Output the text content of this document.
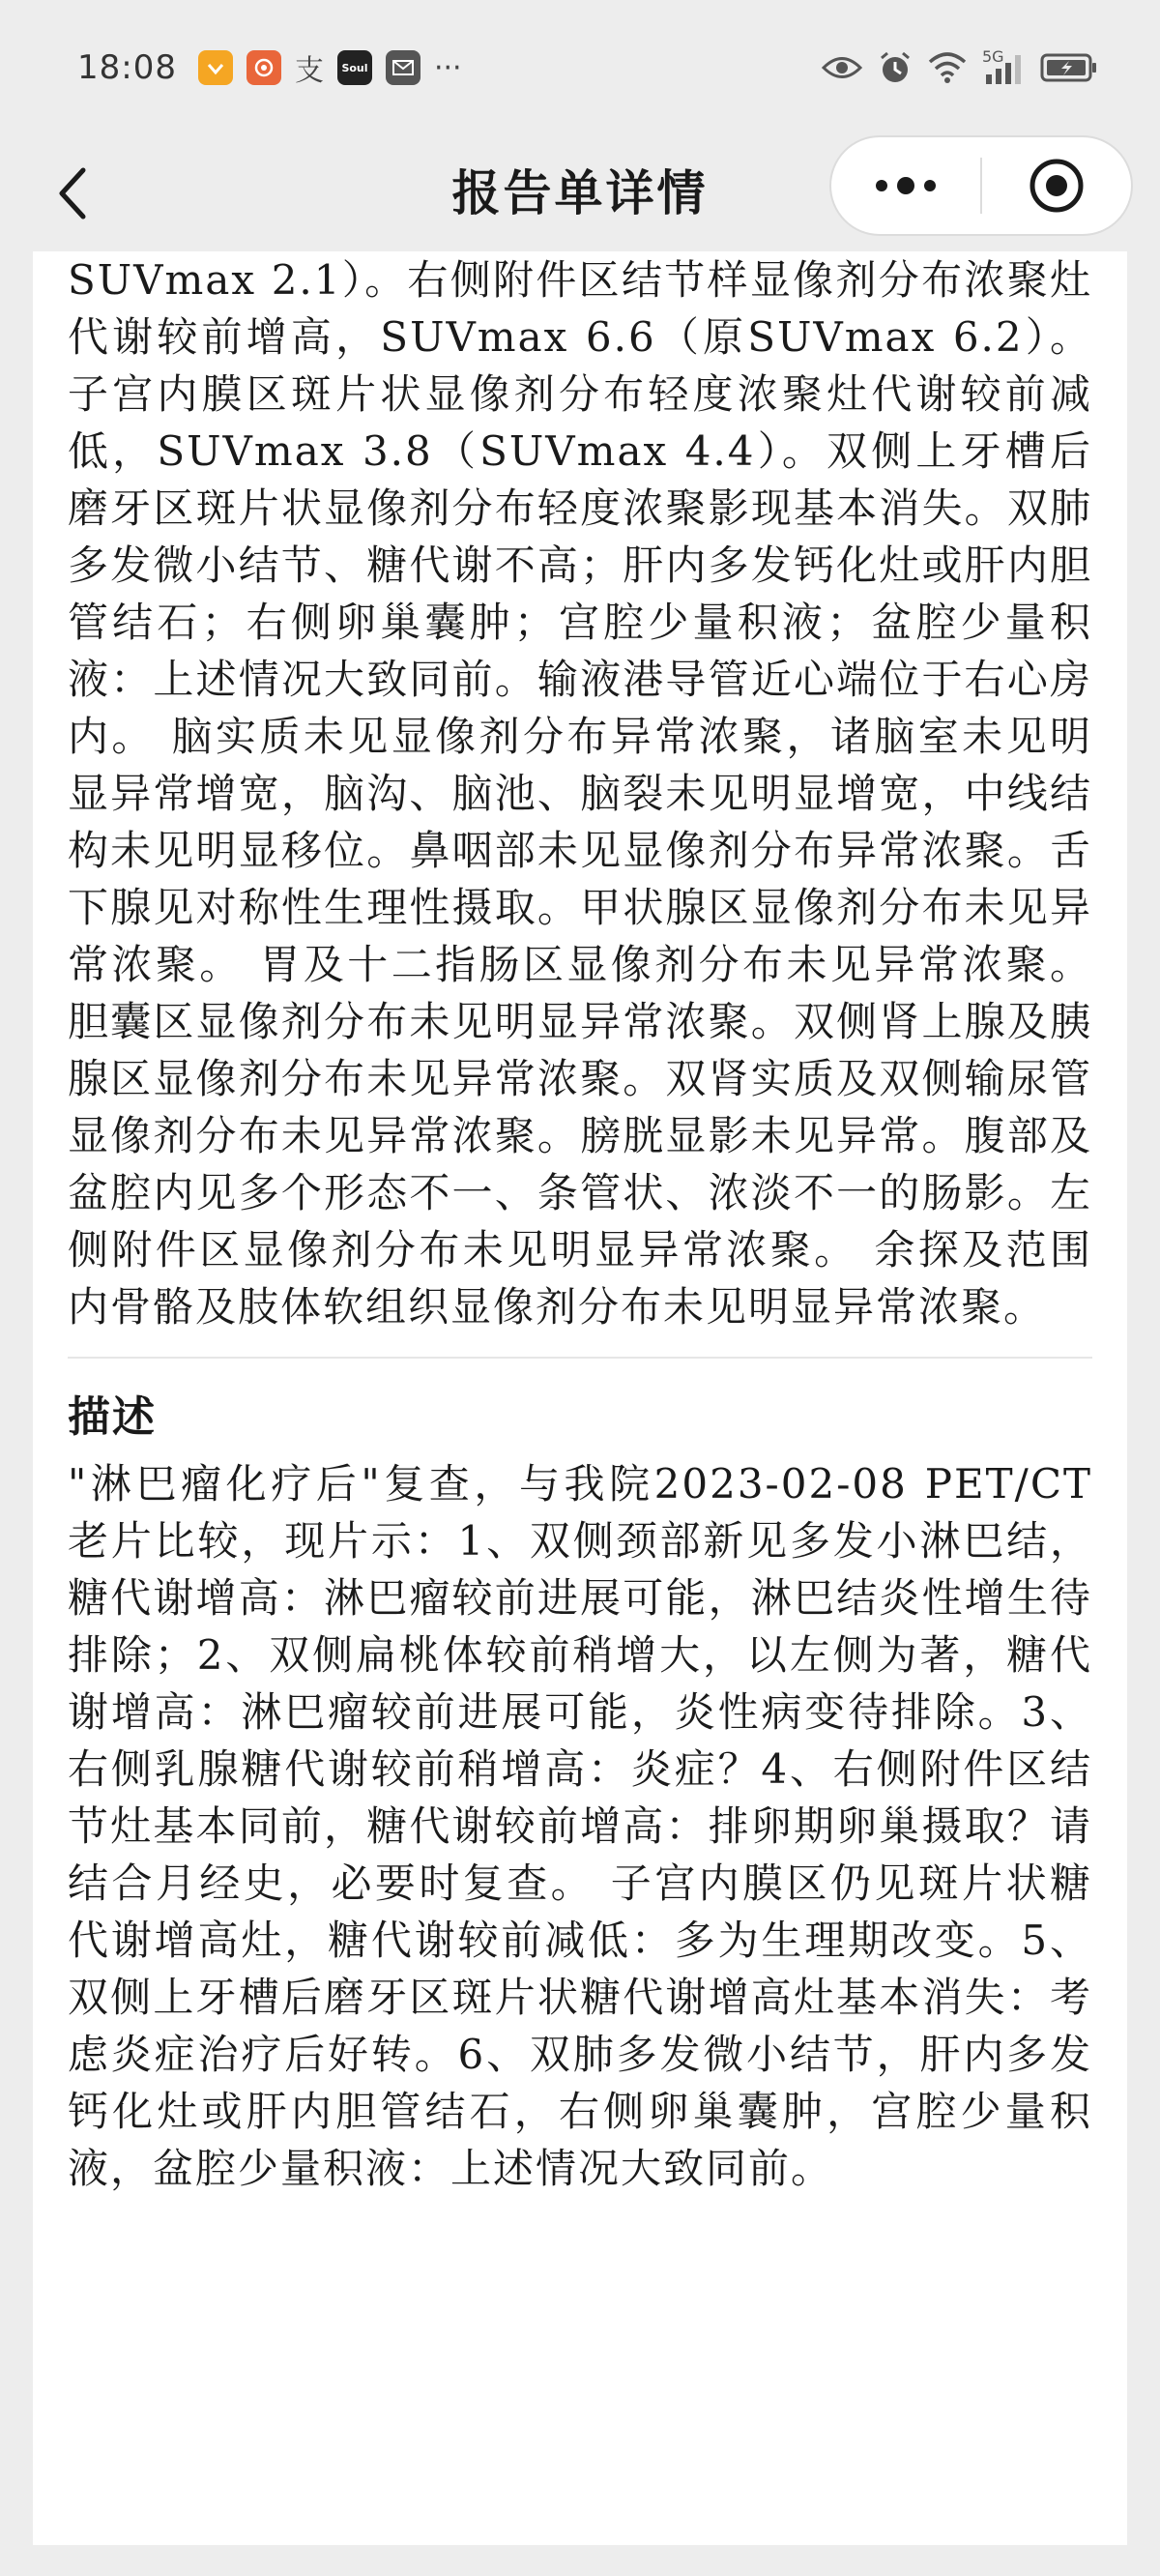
18:08	支	Soul ···	5G
报告单详情

SUVmax 2.1）。右侧附件区结节样显像剂分布浓聚灶代谢较前增高，SUVmax 6.6（原SUVmax 6.2）。子宫内膜区斑片状显像剂分布轻度浓聚灶代谢较前减低，SUVmax 3.8（SUVmax 4.4）。双侧上牙槽后磨牙区斑片状显像剂分布轻度浓聚影现基本消失。双肺多发微小结节、糖代谢不高；肝内多发钙化灶或肝内胆管结石；右侧卵巢囊肿；宫腔少量积液；盆腔少量积液：上述情况大致同前。输液港导管近心端位于右心房内。 脑实质未见显像剂分布异常浓聚，诸脑室未见明显异常增宽，脑沟、脑池、脑裂未见明显增宽，中线结构未见明显移位。鼻咽部未见显像剂分布异常浓聚。舌下腺见对称性生理性摄取。甲状腺区显像剂分布未见异常浓聚。 胃及十二指肠区显像剂分布未见异常浓聚。胆囊区显像剂分布未见明显异常浓聚。双侧肾上腺及胰腺区显像剂分布未见异常浓聚。双肾实质及双侧输尿管显像剂分布未见异常浓聚。膀胱显影未见异常。腹部及盆腔内见多个形态不一、条管状、浓淡不一的肠影。左侧附件区显像剂分布未见明显异常浓聚。 余探及范围内骨骼及肢体软组织显像剂分布未见明显异常浓聚。

描述

"淋巴瘤化疗后"复查，与我院2023-02-08 PET/CT老片比较，现片示：1、双侧颈部新见多发小淋巴结，糖代谢增高：淋巴瘤较前进展可能，淋巴结炎性增生待排除；2、双侧扁桃体较前稍增大，以左侧为著，糖代谢增高：淋巴瘤较前进展可能，炎性病变待排除。3、右侧乳腺糖代谢较前稍增高：炎症？4、右侧附件区结节灶基本同前，糖代谢较前增高：排卵期卵巢摄取？请结合月经史，必要时复查。 子宫内膜区仍见斑片状糖代谢增高灶，糖代谢较前减低：多为生理期改变。5、双侧上牙槽后磨牙区斑片状糖代谢增高灶基本消失：考虑炎症治疗后好转。6、双肺多发微小结节，肝内多发钙化灶或肝内胆管结石，右侧卵巢囊肿，宫腔少量积液，盆腔少量积液：上述情况大致同前。
